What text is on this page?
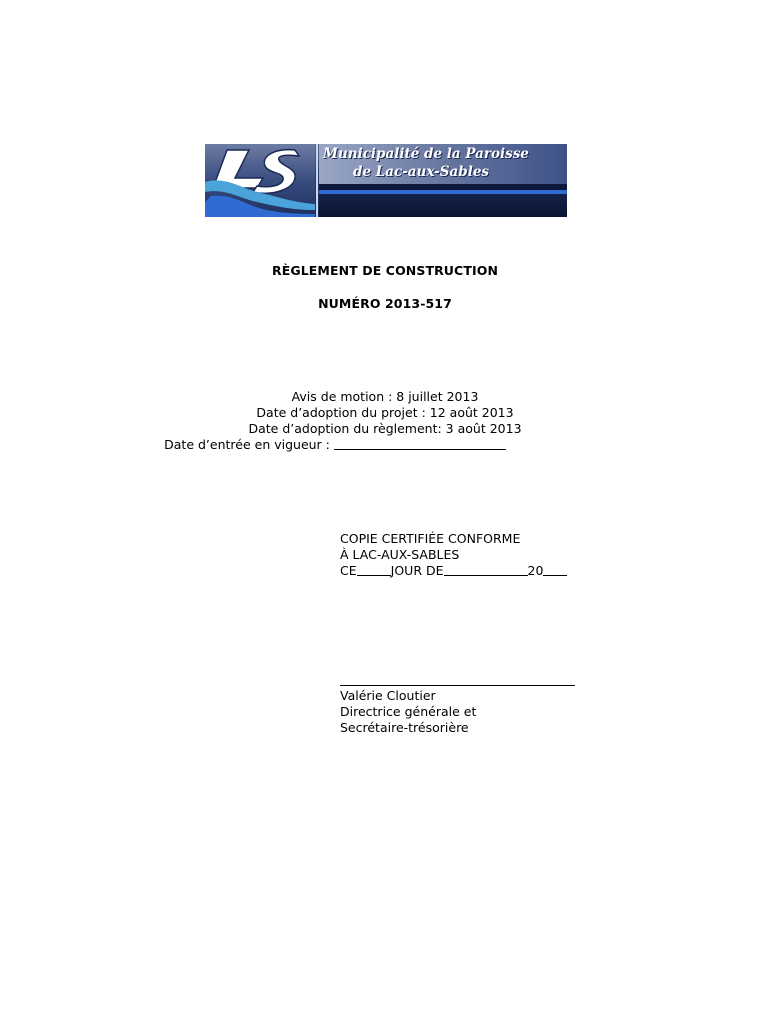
Municipalité de la Paroisse
de Lac-aux-Sables
RÈGLEMENT DE CONSTRUCTION
NUMÉRO 2013-517
Avis de motion : 8 juillet 2013
Date d’adoption du projet : 12 août 2013
Date d’adoption du règlement: 3 août 2013
Date d’entrée en vigueur :
COPIE CERTIFIÉE CONFORME
À LAC-AUX-SABLES
CE	JOUR DE	20
Valérie Cloutier
Directrice générale et
Secrétaire-trésorière
